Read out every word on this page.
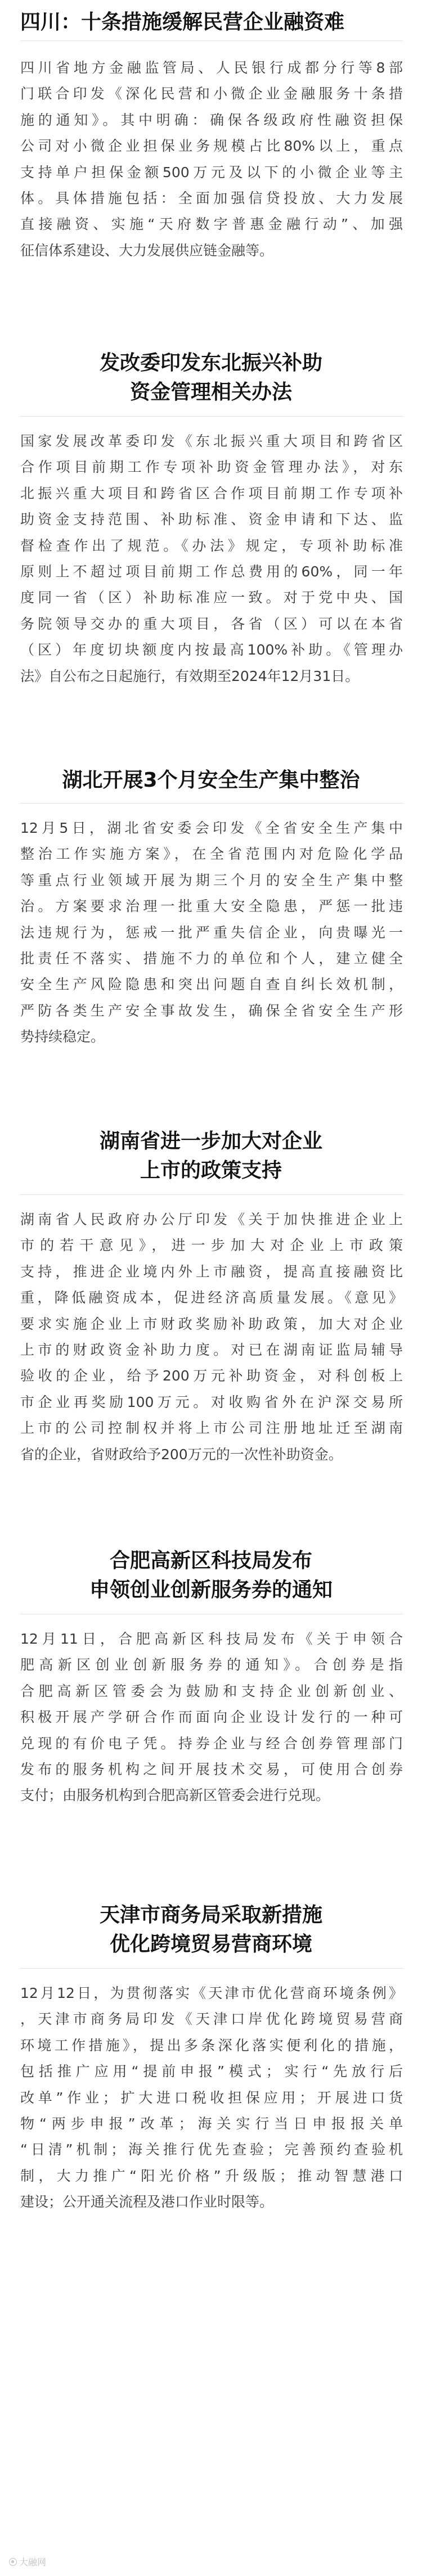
四川：十条措施缓解民营企业融资难
四川省地方金融监管局、人民银行成都分行等8部
门联合印发《深化民营和小微企业金融服务十条措
施的通知》。其中明确：确保各级政府性融资担保
公司对小微企业担保业务规模占比80%以上，重点
支持单户担保金额500万元及以下的小微企业等主
体。具体措施包括：全面加强信贷投放、大力发展
直接融资、实施“天府数字普惠金融行动”、加强
征信体系建设、大力发展供应链金融等。
发改委印发东北振兴补助
资金管理相关办法
国家发展改革委印发《东北振兴重大项目和跨省区
合作项目前期工作专项补助资金管理办法》，对东
北振兴重大项目和跨省区合作项目前期工作专项补
助资金支持范围、补助标准、资金申请和下达、监
督检查作出了规范。《办法》规定，专项补助标准
原则上不超过项目前期工作总费用的60%，同一年
度同一省（区）补助标准应一致。对于党中央、国
务院领导交办的重大项目，各省（区）可以在本省
（区）年度切块额度内按最高100%补助。《管理办
法》自公布之日起施行，有效期至2024年12月31日。
湖北开展3个月安全生产集中整治
12月5日，湖北省安委会印发《全省安全生产集中
整治工作实施方案》，在全省范围内对危险化学品
等重点行业领域开展为期三个月的安全生产集中整
治。方案要求治理一批重大安全隐患，严惩一批违
法违规行为，惩戒一批严重失信企业，向贵曝光一
批责任不落实、措施不力的单位和个人，建立健全
安全生产风险隐患和突出问题自查自纠长效机制，
严防各类生产安全事故发生，确保全省安全生产形
势持续稳定。
湖南省进一步加大对企业
上市的政策支持
湖南省人民政府办公厅印发《关于加快推进企业上
市的若干意见》，进一步加大对企业上市政策
支持，推进企业境内外上市融资，提高直接融资比
重，降低融资成本，促进经济高质量发展。《意见》
要求实施企业上市财政奖励补助政策，加大对企业
上市的财政资金补助力度。对已在湖南证监局辅导
验收的企业，给予200万元补助资金，对科创板上
市企业再奖励100万元。对收购省外在沪深交易所
上市的公司控制权并将上市公司注册地址迁至湖南
省的企业，省财政给予200万元的一次性补助资金。
合肥高新区科技局发布
申领创业创新服务券的通知
12月11日，合肥高新区科技局发布《关于申领合
肥高新区创业创新服务券的通知》。合创券是指
合肥高新区管委会为鼓励和支持企业创新创业、
积极开展产学研合作而面向企业设计发行的一种可
兑现的有价电子凭。持券企业与经合创券管理部门
发布的服务机构之间开展技术交易，可使用合创券
支付；由服务机构到合肥高新区管委会进行兑现。
天津市商务局采取新措施
优化跨境贸易营商环境
12月12日，为贯彻落实《天津市优化营商环境条例》
，天津市商务局印发《天津口岸优化跨境贸易营商
环境工作措施》，提出多条深化落实便利化的措施，
包括推广应用“提前申报”模式；实行“先放行后
改单”作业；扩大进口税收担保应用；开展进口货
物“两步申报”改革；海关实行当日申报报关单
“日清”机制；海关推行优先查验；完善预约查验机
制，大力推广“阳光价格”升级版；推动智慧港口
建设；公开通关流程及港口作业时限等。
大融网
